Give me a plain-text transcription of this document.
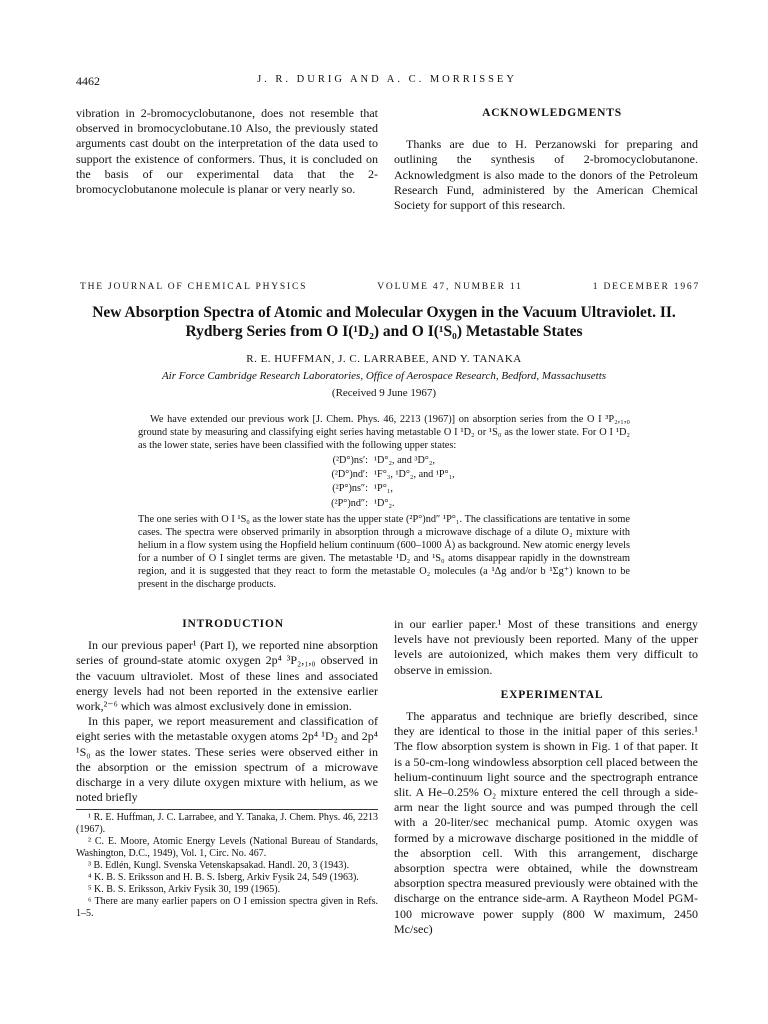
4462	J. R. DURIG AND A. C. MORRISSEY

vibration in 2-bromocyclobutanone, does not resemble that observed in bromocyclobutane.10 Also, the previously stated arguments cast doubt on the interpretation of the data used to support the existence of conformers. Thus, it is concluded on the basis of our experimental data that the 2-bromocyclobutanone molecule is planar or very nearly so.

ACKNOWLEDGMENTS

Thanks are due to H. Perzanowski for preparing and outlining the synthesis of 2-bromocyclobutanone. Acknowledgment is also made to the donors of the Petroleum Research Fund, administered by the American Chemical Society for support of this research.

THE JOURNAL OF CHEMICAL PHYSICS	VOLUME 47, NUMBER 11	1 DECEMBER 1967
New Absorption Spectra of Atomic and Molecular Oxygen in the Vacuum Ultraviolet. II.
Rydberg Series from O I(¹D₂) and O I(¹S₀) Metastable States
R. E. HUFFMAN, J. C. LARRABEE, AND Y. TANAKA
Air Force Cambridge Research Laboratories, Office of Aerospace Research, Bedford, Massachusetts
(Received 9 June 1967)

We have extended our previous work [J. Chem. Phys. 46, 2213 (1967)] on absorption series from the O I ³P₂,₁,₀ ground state by measuring and classifying eight series having metastable O I ¹D₂ or ¹S₀ as the lower state. For O I ¹D₂ as the lower state, series have been classified with the following upper states:

(²D°)ns′: ¹D°₂, and ³D°₂,
(²D°)nd′: ¹F°₃, ¹D°₂, and ¹P°₁,
(²P°)ns″: ¹P°₁,
(²P°)nd″: ¹D°₂.

The one series with O I ¹S₀ as the lower state has the upper state (²P°)nd″ ¹P°₁. The classifications are tentative in some cases. The spectra were observed primarily in absorption through a microwave dischage of a dilute O₂ mixture with helium in a flow system using the Hopfield helium continuum (600–1000 Å) as background. New atomic energy levels for a number of O I singlet terms are given. The metastable ¹D₂ and ¹S₀ atoms disappear rapidly in the downstream region, and it is suggested that they react to form the metastable O₂ molecules (a ¹Δg and/or b ¹Σg⁺) known to be present in the discharge products.

INTRODUCTION

In our previous paper¹ (Part I), we reported nine absorption series of ground-state atomic oxygen 2p⁴ ³P₂,₁,₀ observed in the vacuum ultraviolet. Most of these lines and associated energy levels had not been reported in the extensive earlier work,²⁻⁶ which was almost exclusively done in emission.

In this paper, we report measurement and classification of eight series with the metastable oxygen atoms 2p⁴ ¹D₂ and 2p⁴ ¹S₀ as the lower states. These series were observed either in the absorption or the emission spectrum of a microwave discharge in a very dilute oxygen mixture with helium, as we noted briefly

¹ R. E. Huffman, J. C. Larrabee, and Y. Tanaka, J. Chem. Phys. 46, 2213 (1967).

² C. E. Moore, Atomic Energy Levels (National Bureau of Standards, Washington, D.C., 1949), Vol. 1, Circ. No. 467.

³ B. Edlén, Kungl. Svenska Vetenskapsakad. Handl. 20, 3 (1943).

⁴ K. B. S. Eriksson and H. B. S. Isberg, Arkiv Fysik 24, 549 (1963).

⁵ K. B. S. Eriksson, Arkiv Fysik 30, 199 (1965).

⁶ There are many earlier papers on O I emission spectra given in Refs. 1–5.

in our earlier paper.¹ Most of these transitions and energy levels have not previously been reported. Many of the upper levels are autoionized, which makes them very difficult to observe in emission.

EXPERIMENTAL

The apparatus and technique are briefly described, since they are identical to those in the initial paper of this series.¹ The flow absorption system is shown in Fig. 1 of that paper. It is a 50-cm-long windowless absorption cell placed between the helium-continuum light source and the spectrograph entrance slit. A He–0.25% O₂ mixture entered the cell through a side-arm near the light source and was pumped through the cell with a 20-liter/sec mechanical pump. Atomic oxygen was formed by a microwave discharge positioned in the middle of the absorption cell. With this arrangement, discharge absorption spectra were obtained, while the downstream absorption spectra measured previously were obtained with the discharge on the entrance side-arm. A Raytheon Model PGM-100 microwave power supply (800 W maximum, 2450 Mc/sec)
